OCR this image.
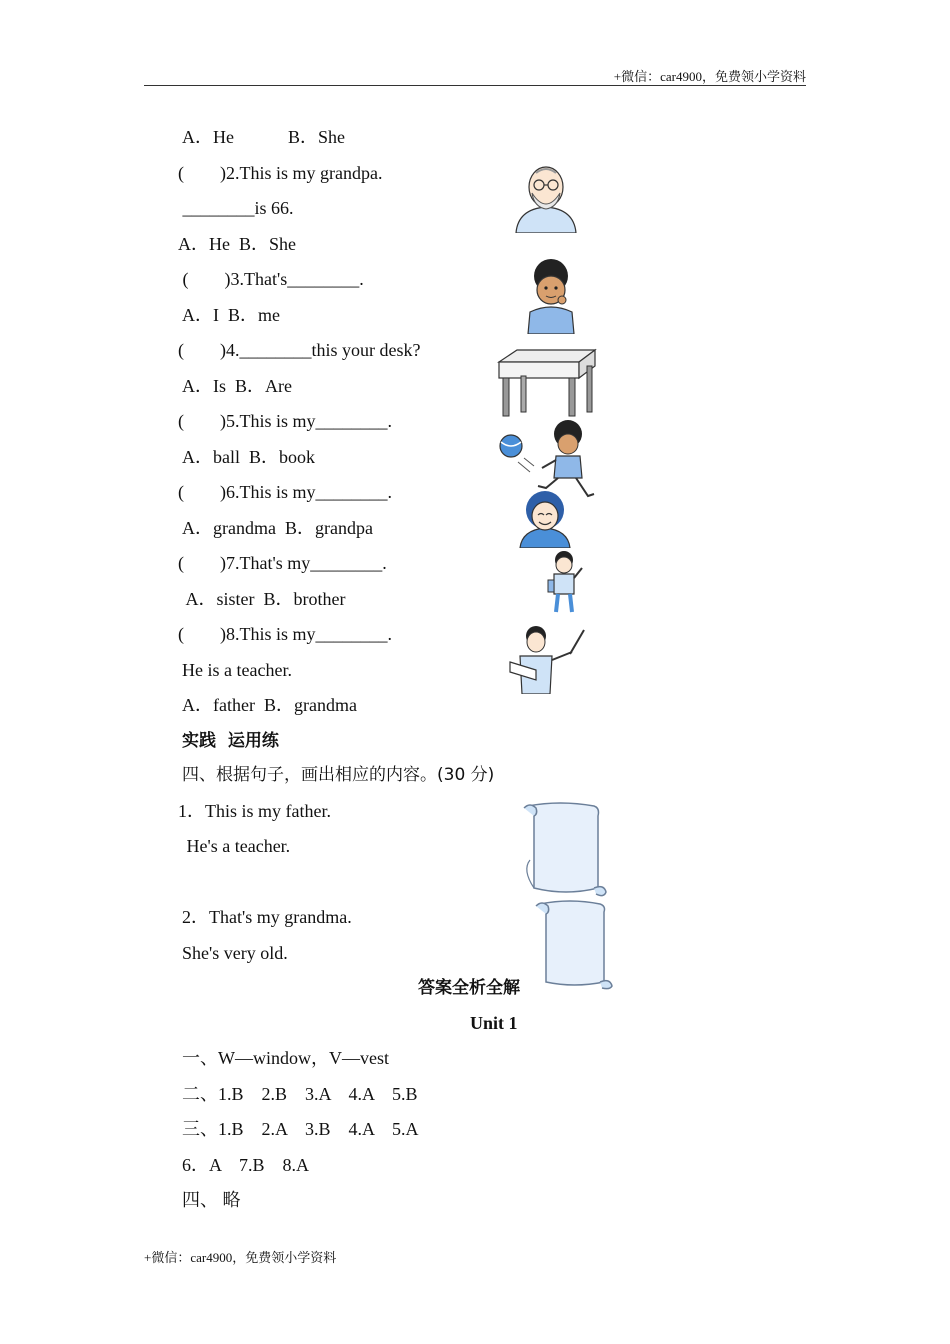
+微信：car4900，免费领小学资料
A．He            B．She
(        )2.This is my grandpa.
________is 66.
A．He  B．She
(        )3.That's________.
A．I  B．me
(        )4.________this your desk?
A．Is  B．Are
(        )5.This is my________.
A．ball  B．book
(        )6.This is my________.
A．grandma  B．grandpa
(        )7.That's my________.
A．sister  B．brother
(        )8.This is my________.
He is a teacher.
A．father  B．grandma
实践  运用练
四、根据句子，画出相应的内容。(30 分)
1．This is my father.
He's a teacher.
2．That's my grandma.
She's very old.
答案全析全解
Unit 1
一、W—window，V—vest
二、1.B    2.B    3.A    4.A    5.B
三、1.B    2.A    3.B    4.A    5.A
6．A    7.B    8.A
四、 略
+微信：car4900，免费领小学资料
